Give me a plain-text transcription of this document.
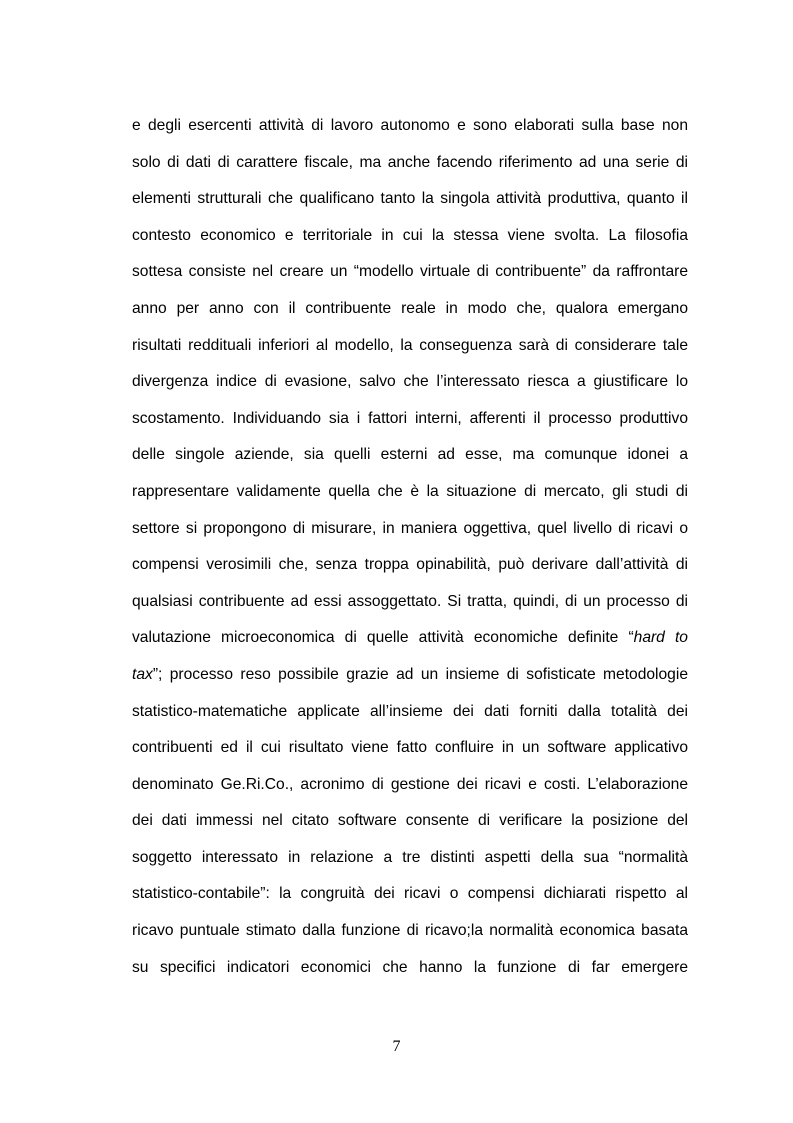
e degli esercenti attività di lavoro autonomo e sono elaborati sulla base non
solo di dati di carattere fiscale, ma anche facendo riferimento ad una serie di
elementi strutturali che qualificano tanto la singola attività produttiva, quanto il
contesto economico e territoriale in cui la stessa viene svolta. La filosofia
sottesa consiste nel creare un “modello virtuale di contribuente” da raffrontare
anno per anno con il contribuente reale in modo che, qualora emergano
risultati reddituali inferiori al modello, la conseguenza sarà di considerare tale
divergenza indice di evasione, salvo che l’interessato riesca a giustificare lo
scostamento. Individuando sia i fattori interni, afferenti il processo produttivo
delle singole aziende, sia quelli esterni ad esse, ma comunque idonei a
rappresentare validamente quella che è la situazione di mercato, gli studi di
settore si propongono di misurare, in maniera oggettiva, quel livello di ricavi o
compensi verosimili che, senza troppa opinabilità, può derivare dall’attività di
qualsiasi contribuente ad essi assoggettato. Si tratta, quindi, di un processo di
valutazione microeconomica di quelle attività economiche definite “hard to
tax”; processo reso possibile grazie ad un insieme di sofisticate metodologie
statistico-matematiche applicate all’insieme dei dati forniti dalla totalità dei
contribuenti ed il cui risultato viene fatto confluire in un software applicativo
denominato Ge.Ri.Co., acronimo di gestione dei ricavi e costi. L’elaborazione
dei dati immessi nel citato software consente di verificare la posizione del
soggetto interessato in relazione a tre distinti aspetti della sua “normalità
statistico-contabile”: la congruità dei ricavi o compensi dichiarati rispetto al
ricavo puntuale stimato dalla funzione di ricavo;la normalità economica basata
su specifici indicatori economici che hanno la funzione di far emergere
7
